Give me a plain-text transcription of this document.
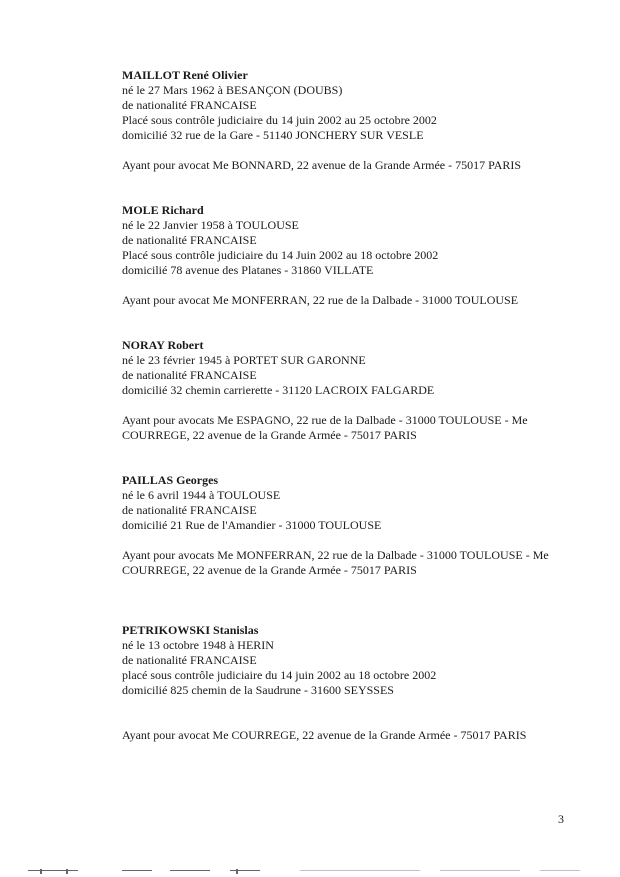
MAILLOT René Olivier
né le 27 Mars 1962 à BESANÇON (DOUBS)
de nationalité FRANCAISE
Placé sous contrôle judiciaire du 14 juin 2002 au 25 octobre 2002
domicilié 32 rue de la Gare - 51140 JONCHERY SUR VESLE
Ayant pour avocat Me BONNARD, 22 avenue de la Grande Armée - 75017 PARIS
MOLE Richard
né le 22 Janvier 1958 à TOULOUSE
de nationalité FRANCAISE
Placé sous contrôle judiciaire du 14 Juin 2002 au 18 octobre 2002
domicilié 78 avenue des Platanes - 31860 VILLATE
Ayant pour avocat Me MONFERRAN, 22 rue de la Dalbade - 31000 TOULOUSE
NORAY Robert
né le 23 février 1945 à PORTET SUR GARONNE
de nationalité FRANCAISE
domicilié 32 chemin carrierette - 31120 LACROIX FALGARDE
Ayant pour avocats Me ESPAGNO, 22 rue de la Dalbade - 31000 TOULOUSE - Me COURREGE, 22 avenue de la Grande Armée - 75017 PARIS
PAILLAS Georges
né le 6 avril 1944 à TOULOUSE
de nationalité FRANCAISE
domicilié 21 Rue de l'Amandier - 31000 TOULOUSE
Ayant pour avocats Me MONFERRAN, 22 rue de la Dalbade - 31000 TOULOUSE - Me COURREGE, 22 avenue de la Grande Armée - 75017 PARIS
PETRIKOWSKI Stanislas
né le 13 octobre 1948 à HERIN
de nationalité FRANCAISE
placé sous contrôle judiciaire du 14 juin 2002 au 18 octobre 2002
domicilié 825 chemin de la Saudrune - 31600 SEYSSES
Ayant pour avocat Me COURREGE, 22 avenue de la Grande Armée - 75017 PARIS
3
